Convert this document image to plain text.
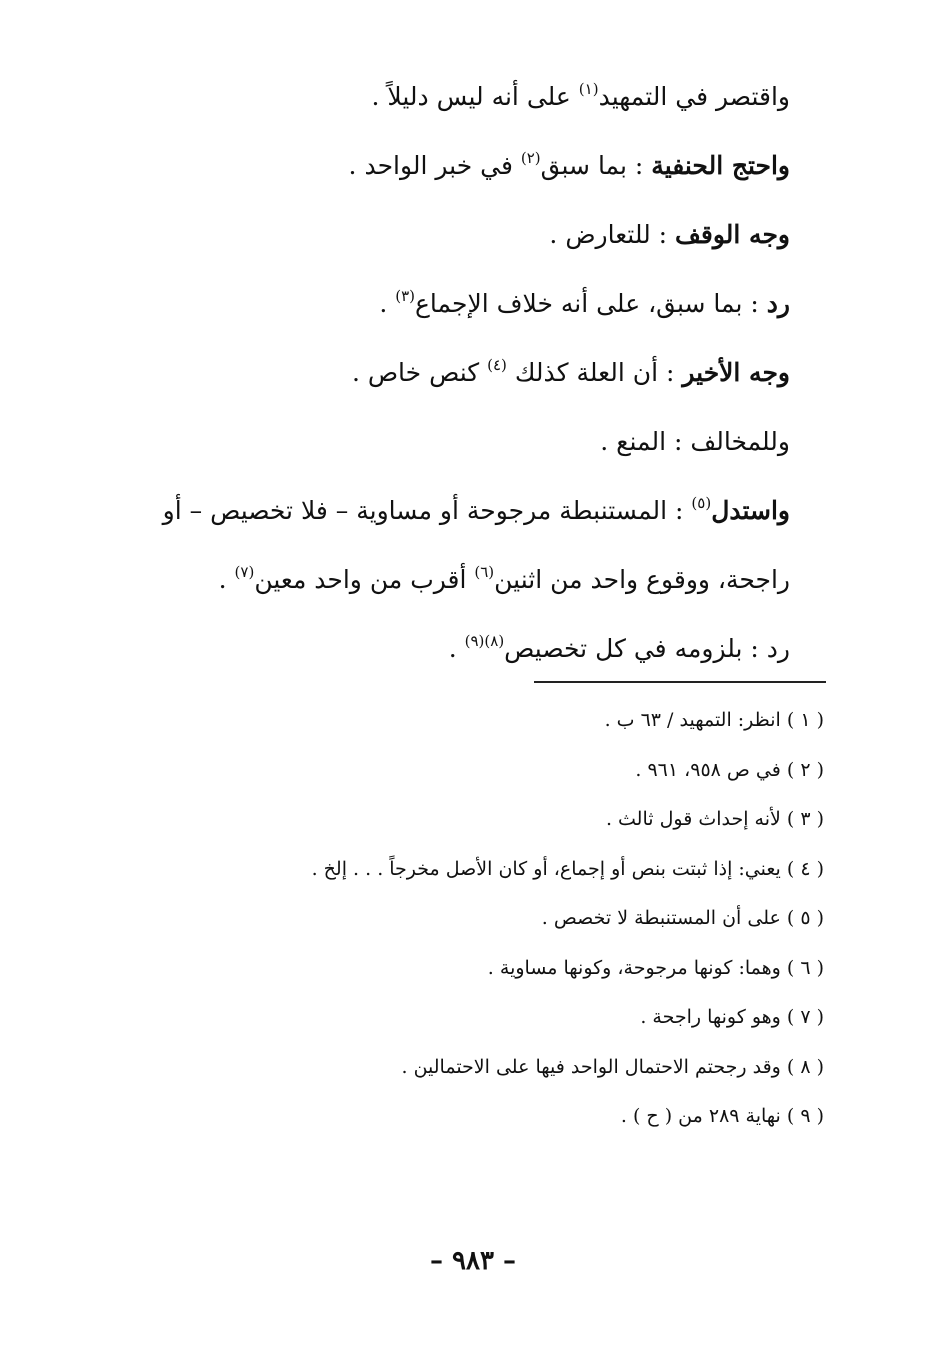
واقتصر في التمهيد$^{(١)}$ على أنه ليس دليلاً .

واحتج الحنفية : بما سبق$^{(٢)}$ في خبر الواحد .

وجه الوقف : للتعارض .

رد : بما سبق، على أنه خلاف الإجماع$^{(٣)}$ .

وجه الأخير : أن العلة كذلك $^{(٤)}$ كنص خاص .

وللمخالف : المنع .

واستدل$^{(٥)}$ : المستنبطة مرجوحة أو مساوية – فلا تخصيص – أو

راجحة، ووقوع واحد من اثنين$^{(٦)}$ أقرب من واحد معين$^{(٧)}$ .

رد : بلزومه في كل تخصيص$^{(٨)(٩)}$ .

( ١ ) انظر: التمهيد / ٦٣ ب .

( ٢ ) في ص ٩٥٨، ٩٦١ .

( ٣ ) لأنه إحداث قول ثالث .

( ٤ ) يعني: إذا ثبتت بنص أو إجماع، أو كان الأصل مخرجاً . . . إلخ .

( ٥ ) على أن المستنبطة لا تخصص .

( ٦ ) وهما: كونها مرجوحة، وكونها مساوية .

( ٧ ) وهو كونها راجحة .

( ٨ ) وقد رجحتم الاحتمال الواحد فيها على الاحتمالين .

( ٩ ) نهاية ٢٨٩ من ( ح ) .

– ٩٨٣ –
